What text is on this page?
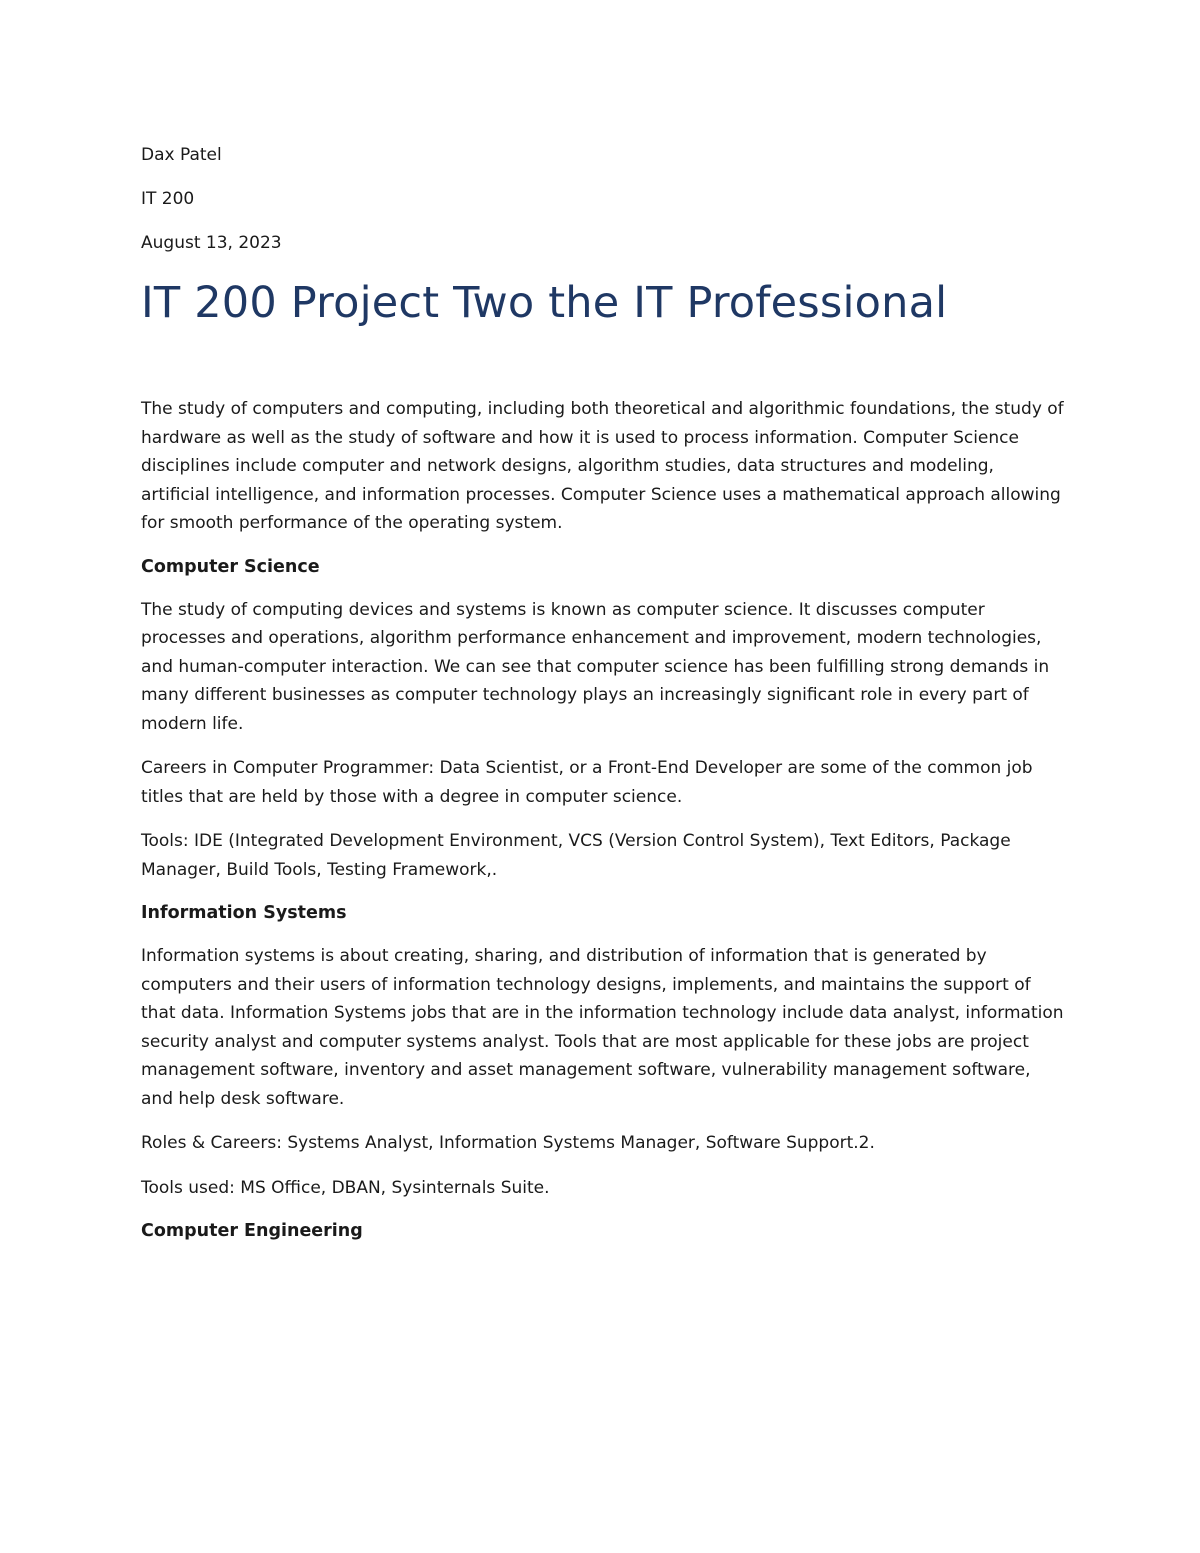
Dax Patel

IT 200

August 13, 2023

IT 200 Project Two the IT Professional

The study of computers and computing, including both theoretical and algorithmic foundations, the study of hardware as well as the study of software and how it is used to process information. Computer Science disciplines include computer and network designs, algorithm studies, data structures and modeling, artificial intelligence, and information processes. Computer Science uses a mathematical approach allowing for smooth performance of the operating system.

Computer Science

The study of computing devices and systems is known as computer science. It discusses computer processes and operations, algorithm performance enhancement and improvement, modern technologies, and human-computer interaction. We can see that computer science has been fulfilling strong demands in many different businesses as computer technology plays an increasingly significant role in every part of modern life.

Careers in Computer Programmer: Data Scientist, or a Front-End Developer are some of the common job titles that are held by those with a degree in computer science.

Tools: IDE (Integrated Development Environment, VCS (Version Control System), Text Editors, Package Manager, Build Tools, Testing Framework,.

Information Systems

Information systems is about creating, sharing, and distribution of information that is generated by computers and their users of information technology designs, implements, and maintains the support of that data. Information Systems jobs that are in the information technology include data analyst, information security analyst and computer systems analyst. Tools that are most applicable for these jobs are project management software, inventory and asset management software, vulnerability management software, and help desk software.

Roles & Careers: Systems Analyst, Information Systems Manager, Software Support.2.

Tools used: MS Office, DBAN, Sysinternals Suite.

Computer Engineering
